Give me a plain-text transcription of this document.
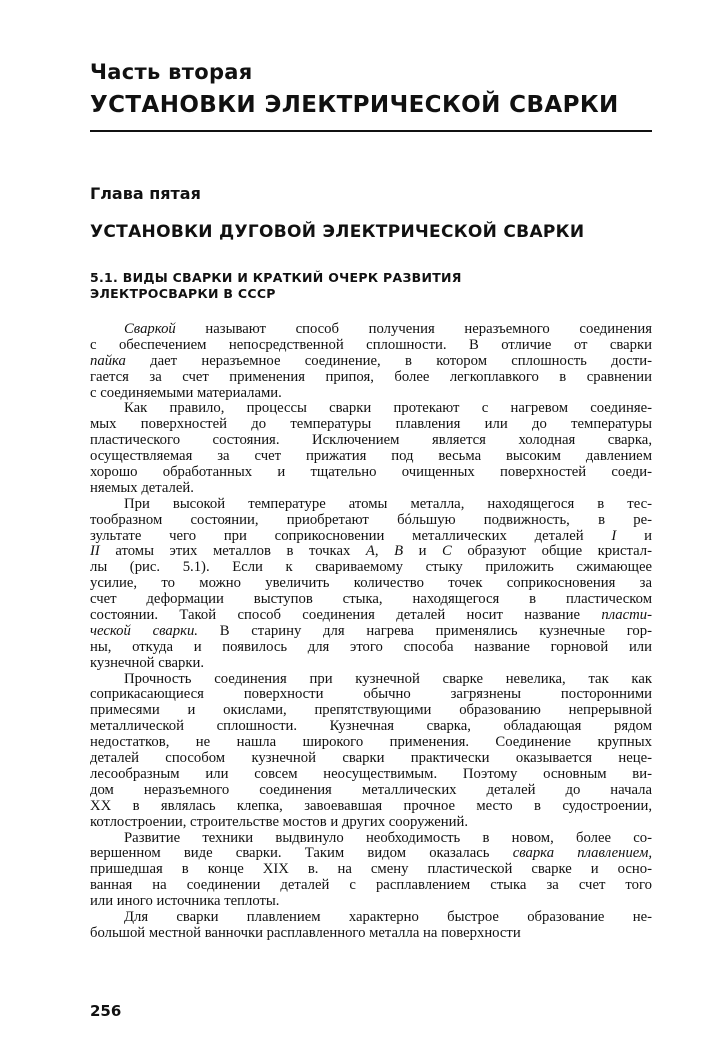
Часть вторая
УСТАНОВКИ ЭЛЕКТРИЧЕСКОЙ СВАРКИ
Глава пятая
УСТАНОВКИ ДУГОВОЙ ЭЛЕКТРИЧЕСКОЙ СВАРКИ
5.1. ВИДЫ СВАРКИ И КРАТКИЙ ОЧЕРК РАЗВИТИЯ
ЭЛЕКТРОСВАРКИ В СССР
Сваркой называют способ получения неразъемного соединения
с обеспечением непосредственной сплошности. В отличие от сварки
пайка дает неразъемное соединение, в котором сплошность дости-
гается за счет применения припоя, более легкоплавкого в сравнении
с соединяемыми материалами.
Как правило, процессы сварки протекают с нагревом соединяе-
мых поверхностей до температуры плавления или до температуры
пластического состояния. Исключением является холодная сварка,
осуществляемая за счет прижатия под весьма высоким давлением
хорошо обработанных и тщательно очищенных поверхностей соеди-
няемых деталей.
При высокой температуре атомы металла, находящегося в тес-
тообразном состоянии, приобретают бóльшую подвижность, в ре-
зультате чего при соприкосновении металлических деталей I и
II атомы этих металлов в точках A, B и C образуют общие кристал-
лы (рис. 5.1). Если к свариваемому стыку приложить сжимающее
усилие, то можно увеличить количество точек соприкосновения за
счет деформации выступов стыка, находящегося в пластическом
состоянии. Такой способ соединения деталей носит название пласти-
ческой сварки. В старину для нагрева применялись кузнечные гор-
ны, откуда и появилось для этого способа название горновой или
кузнечной сварки.
Прочность соединения при кузнечной сварке невелика, так как
соприкасающиеся поверхности обычно загрязнены посторонними
примесями и окислами, препятствующими образованию непрерывной
металлической сплошности. Кузнечная сварка, обладающая рядом
недостатков, не нашла широкого применения. Соединение крупных
деталей способом кузнечной сварки практически оказывается неце-
лесообразным или совсем неосуществимым. Поэтому основным ви-
дом неразъемного соединения металлических деталей до начала
XX в являлась клепка, завоевавшая прочное место в судостроении,
котлостроении, строительстве мостов и других сооружений.
Развитие техники выдвинуло необходимость в новом, более со-
вершенном виде сварки. Таким видом оказалась сварка плавлением,
пришедшая в конце XIX в. на смену пластической сварке и осно-
ванная на соединении деталей с расплавлением стыка за счет того
или иного источника теплоты.
Для сварки плавлением характерно быстрое образование не-
большой местной ванночки расплавленного металла на поверхности
256
